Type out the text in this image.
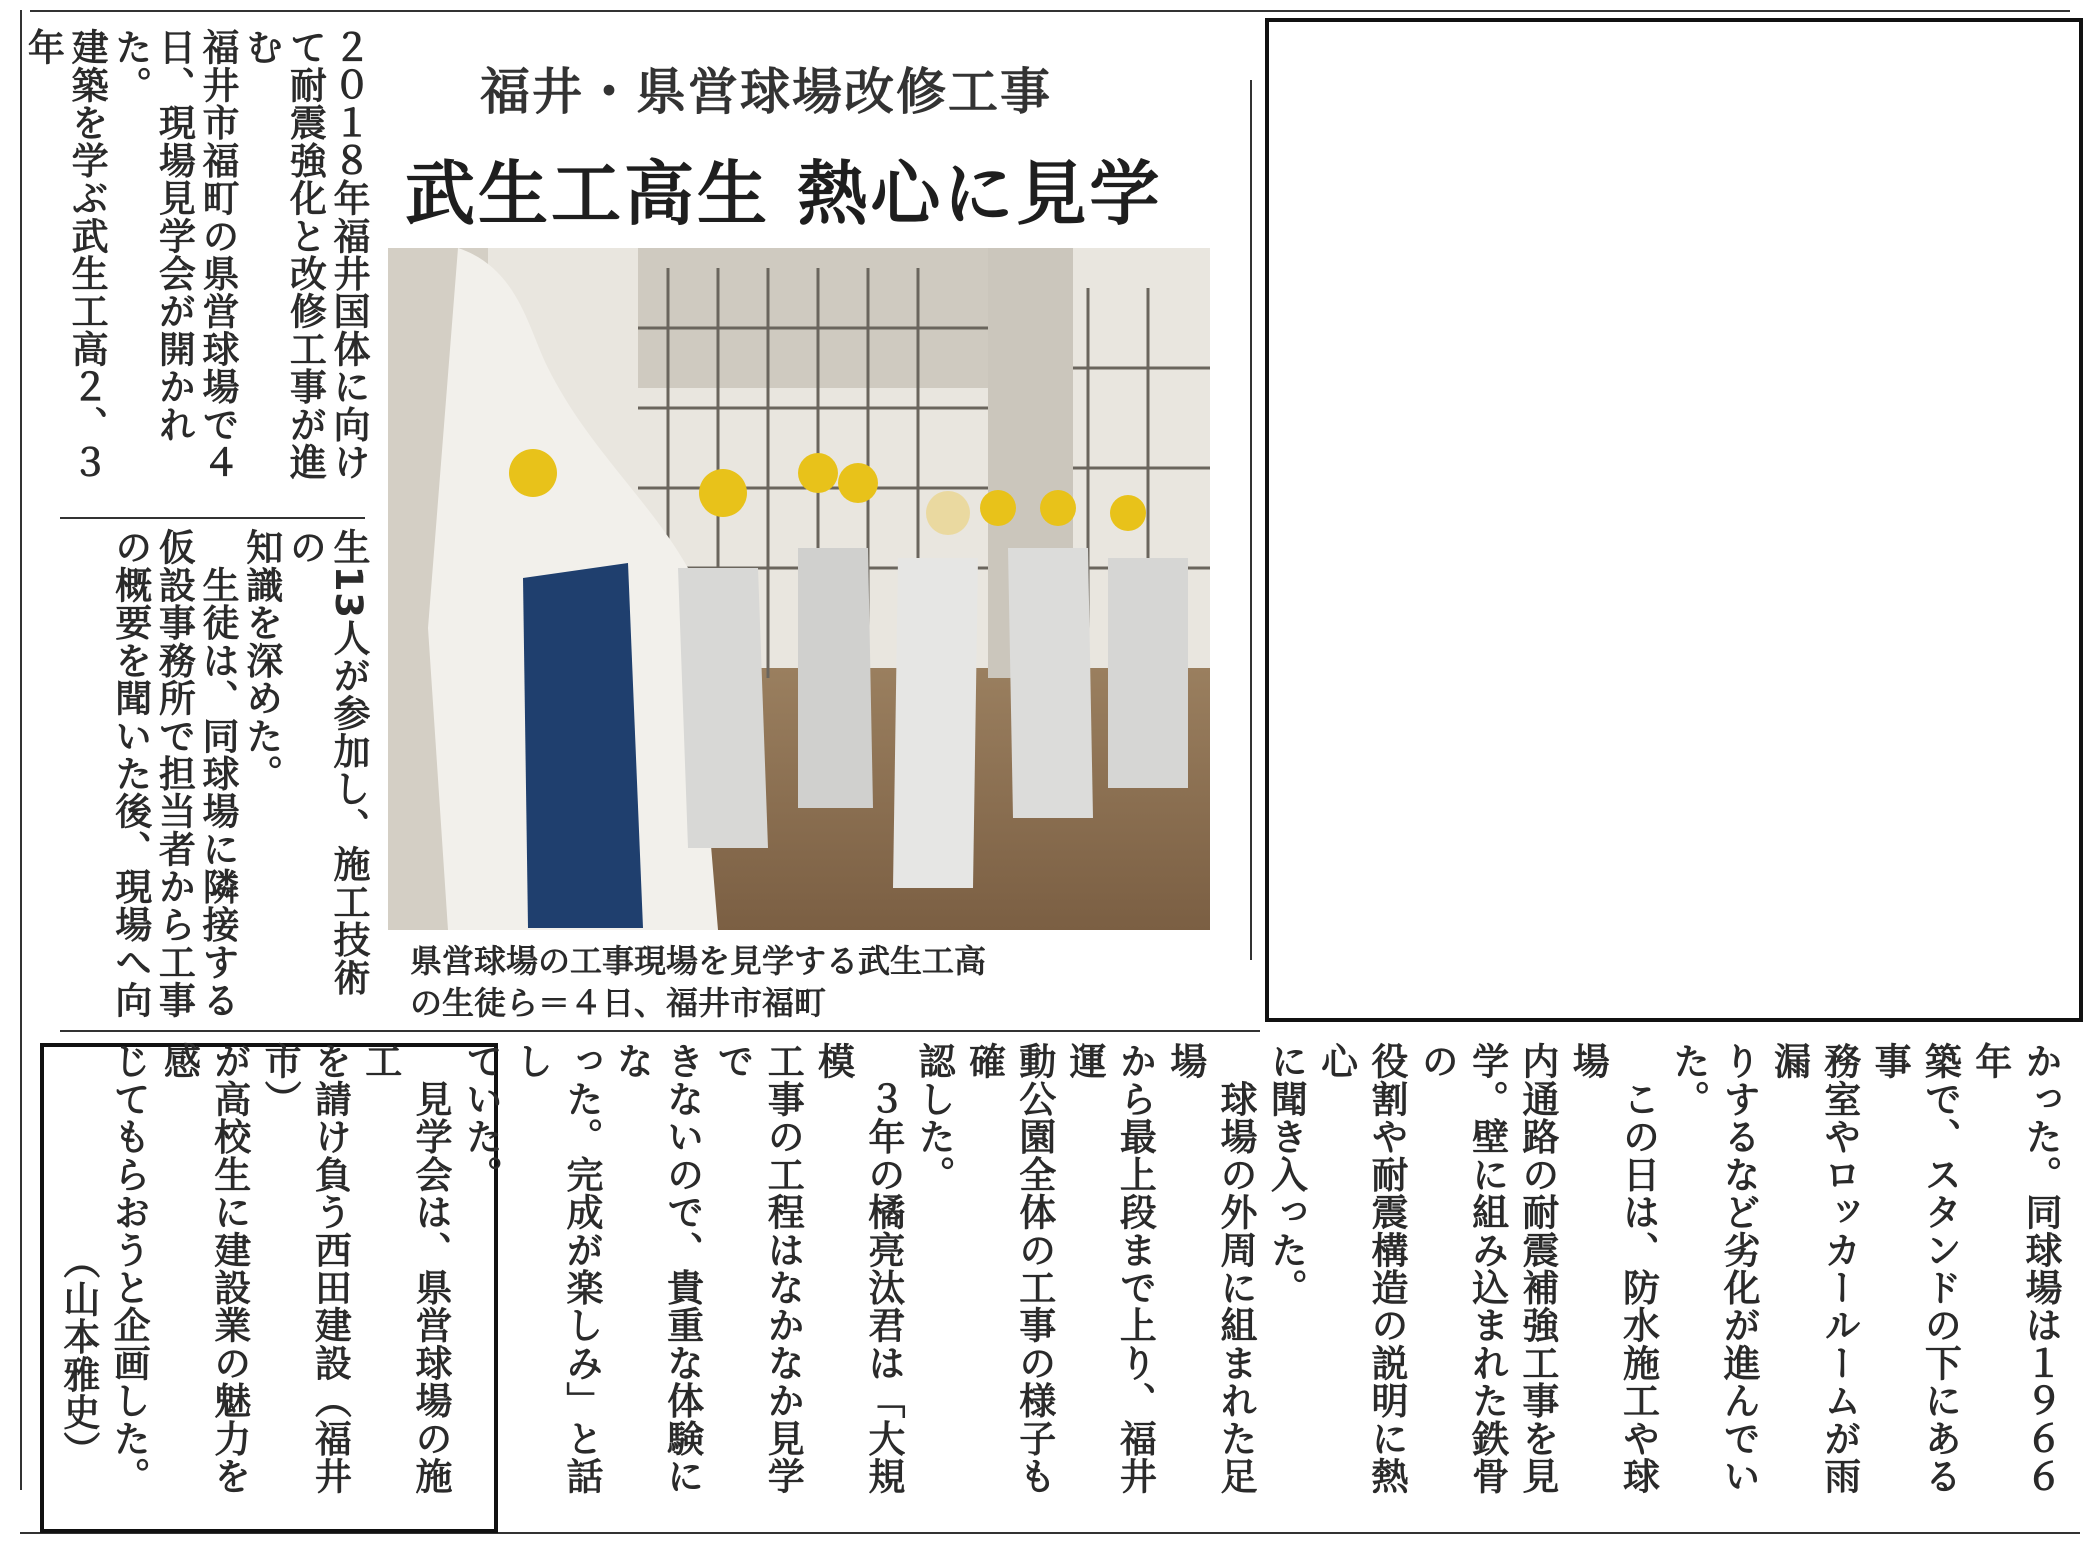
福井・県営球場改修工事
武生工高生 熱心に見学
２０１８年福井国体に向け
て耐震強化と改修工事が進む
福井市福町の県営球場で４
日、現場見学会が開かれた。
建築を学ぶ武生工高２、３年
生13人が参加し、施工技術の
知識を深めた。
　生徒は、同球場に隣接する
仮設事務所で担当者から工事
の概要を聞いた後、現場へ向	県営球場の工事現場を見学する武生工高
の生徒ら＝４日、福井市福町
かった。同球場は１９６６年
築で、スタンドの下にある事
務室やロッカールームが雨漏
りするなど劣化が進んでい
た。
　この日は、防水施工や球場
内通路の耐震補強工事を見
学。壁に組み込まれた鉄骨の
役割や耐震構造の説明に熱心
に聞き入った。
　球場の外周に組まれた足場
から最上段まで上り、福井運
動公園全体の工事の様子も確
認した。
　３年の橘亮汰君は「大規模
工事の工程はなかなか見学で
きないので、貴重な体験にな
った。完成が楽しみ」と話し
ていた。
　見学会は、県営球場の施工
を請け負う西田建設（福井市）
が高校生に建設業の魅力を感
じてもらおうと企画した。
（山本雅史）
